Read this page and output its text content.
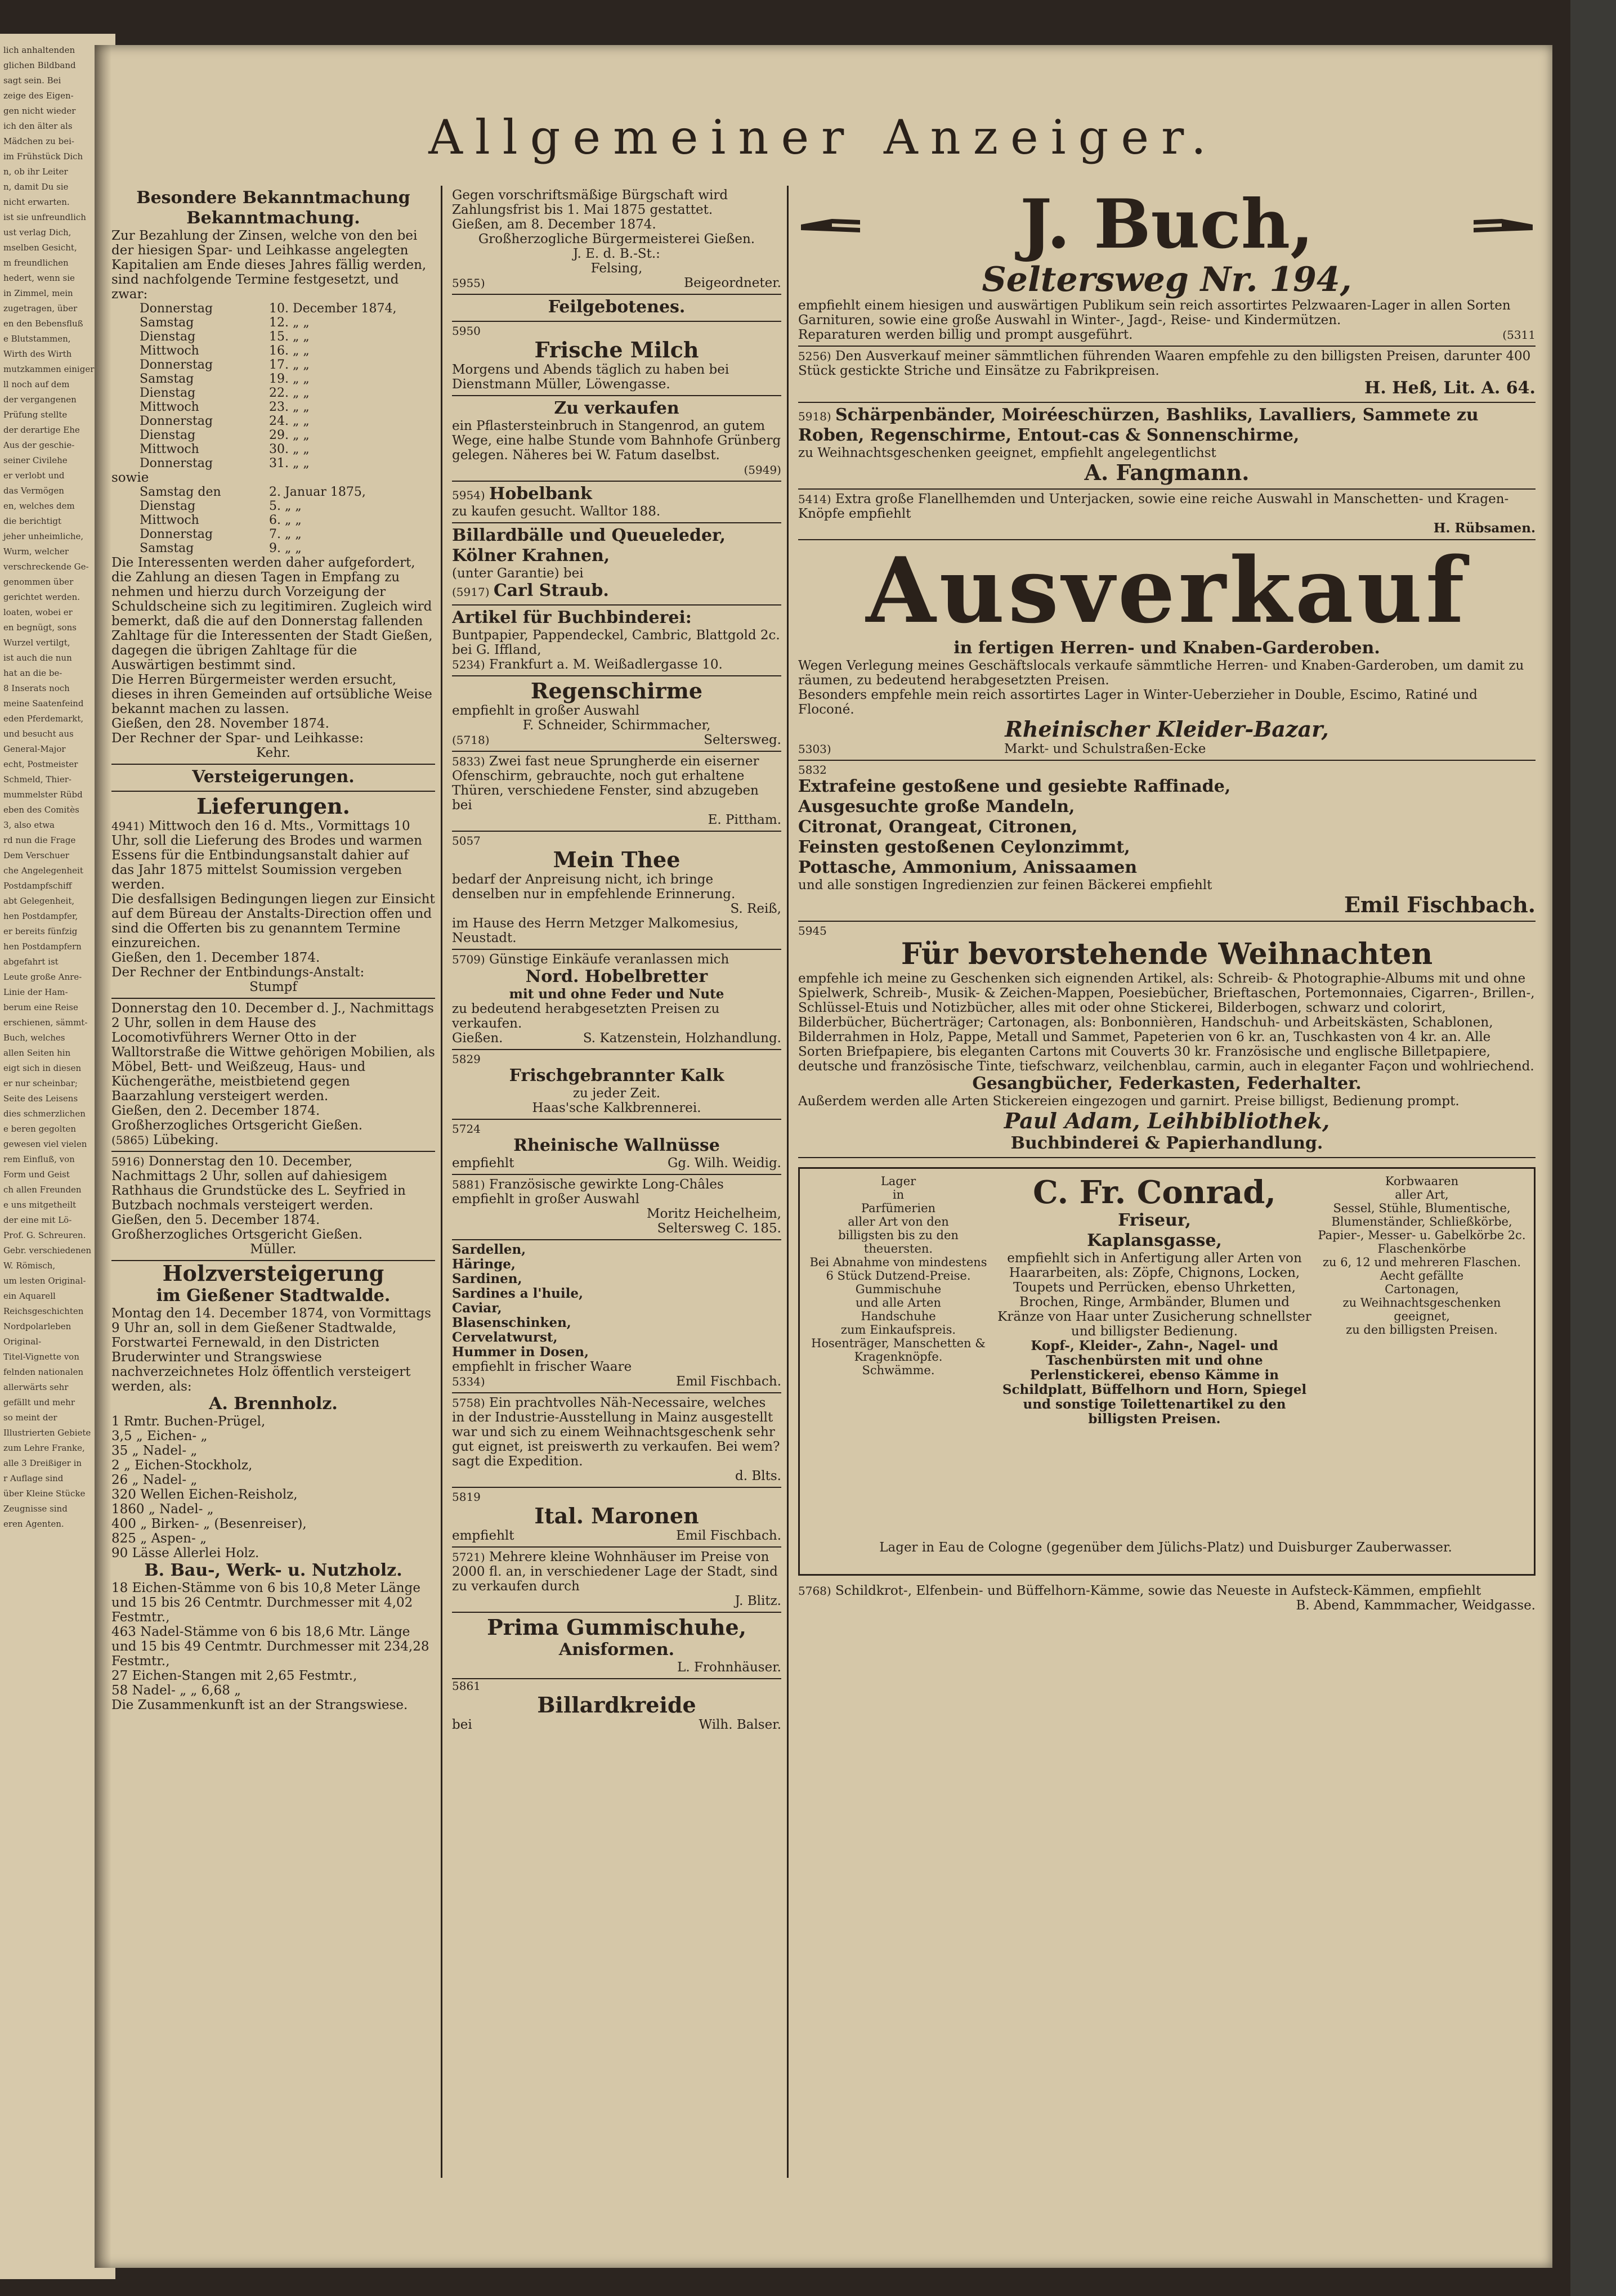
lich anhaltenden
glichen Bildband
sagt sein. Bei
zeige des Eigen-
gen nicht wieder
ich den älter als
Mädchen zu bei-
im Frühstück Dich
n, ob ihr Leiter
n, damit Du sie
nicht erwarten.
ist sie unfreundlich
ust verlag Dich,
mselben Gesicht,
m freundlichen
hedert, wenn sie
in Zimmel, mein
zugetragen, über
en den Bebensfluß
e Blutstammen,
Wirth des Wirth
mutzkammen einiger
ll noch auf dem
der vergangenen
Prüfung stellte
der derartige Ehe
Aus der geschie-
seiner Civilehe
er verlobt und
das Vermögen
en, welches dem
die berichtigt
jeher unheimliche,
Wurm, welcher
verschreckende Ge-
genommen über
gerichtet werden.
loaten, wobei er
en begnügt, sons
Wurzel vertilgt,
ist auch die nun
hat an die be-
8 Inserats noch
meine Saatenfeind
eden Pferdemarkt,
und besucht aus
General-Major
echt, Postmeister
Schmeld, Thier-
mummelster Rübd
eben des Comitès
3, also etwa
rd nun die Frage
Dem Verschuer
che Angelegenheit
Postdampfschiff
abt Gelegenheit,
hen Postdampfer,
er bereits fünfzig
hen Postdampfern
abgefahrt ist
Leute große Anre-
Linie der Ham-
berum eine Reise
erschienen, sämmt-
Buch, welches
allen Seiten hin
eigt sich in diesen
er nur scheinbar;
Seite des Leisens
dies schmerzlichen
e beren gegolten
gewesen viel vielen
rem Einfluß, von
Form und Geist
ch allen Freunden
e uns mitgetheilt
der eine mit Lö-
Prof. G. Schreuren.
Gebr. verschiedenen
W. Römisch,
um lesten Original-
ein Aquarell
Reichsgeschichten
Nordpolarleben
Original-
Titel-Vignette von
felnden nationalen
allerwärts sehr
gefällt und mehr
so meint der
Illustrierten Gebiete
zum Lehre Franke,
alle 3 Dreißiger in
r Auflage sind
über Kleine Stücke
Zeugnisse sind
eren Agenten.
Allgemeiner Anzeiger.

Besondere Bekanntmachung

Bekanntmachung.

Zur Bezahlung der Zinsen, welche von den bei der hiesigen Spar- und Leihkasse angelegten Kapitalien am Ende dieses Jahres fällig werden, sind nachfolgende Termine festgesetzt, und zwar:

Donnerstag	10. December 1874,
Samstag	12. „ „
Dienstag	15. „ „
Mittwoch	16. „ „
Donnerstag	17. „ „
Samstag	19. „ „
Dienstag	22. „ „
Mittwoch	23. „ „
Donnerstag	24. „ „
Dienstag	29. „ „
Mittwoch	30. „ „
Donnerstag	31. „ „

sowie

Samstag den	2. Januar 1875,
Dienstag	5. „ „
Mittwoch	6. „ „
Donnerstag	7. „ „
Samstag	9. „ „

Die Interessenten werden daher aufgefordert, die Zahlung an diesen Tagen in Empfang zu nehmen und hierzu durch Vorzeigung der Schuldscheine sich zu legitimiren. Zugleich wird bemerkt, daß die auf den Donnerstag fallenden Zahltage für die Interessenten der Stadt Gießen, dagegen die übrigen Zahltage für die Auswärtigen bestimmt sind.

Die Herren Bürgermeister werden ersucht, dieses in ihren Gemeinden auf ortsübliche Weise bekannt machen zu lassen.

Gießen, den 28. November 1874.

Der Rechner der Spar- und Leihkasse:

Kehr.

Versteigerungen.

Lieferungen.

4941) Mittwoch den 16 d. Mts., Vormittags 10 Uhr, soll die Lieferung des Brodes und warmen Essens für die Entbindungsanstalt dahier auf das Jahr 1875 mittelst Soumission vergeben werden.

Die desfallsigen Bedingungen liegen zur Einsicht auf dem Büreau der Anstalts-Direction offen und sind die Offerten bis zu genanntem Termine einzureichen.

Gießen, den 1. December 1874.

Der Rechner der Entbindungs-Anstalt:

Stumpf

Donnerstag den 10. December d. J., Nachmittags 2 Uhr, sollen in dem Hause des Locomotivführers Werner Otto in der Walltorstraße die Wittwe gehörigen Mobilien, als Möbel, Bett- und Weißzeug, Haus- und Küchengeräthe, meistbietend gegen Baarzahlung versteigert werden.

Gießen, den 2. December 1874.

Großherzogliches Ortsgericht Gießen.

(5865) Lübeking.

5916) Donnerstag den 10. December, Nachmittags 2 Uhr, sollen auf dahiesigem Rathhaus die Grundstücke des L. Seyfried in Butzbach nochmals versteigert werden.

Gießen, den 5. December 1874.

Großherzogliches Ortsgericht Gießen.

Müller.

Holzversteigerung

im Gießener Stadtwalde.

Montag den 14. December 1874, von Vormittags 9 Uhr an, soll in dem Gießener Stadtwalde, Forstwartei Fernewald, in den Districten Bruderwinter und Strangswiese nachverzeichnetes Holz öffentlich versteigert werden, als:

A. Brennholz.

1 Rmtr. Buchen-Prügel,

3,5 „ Eichen- „

35 „ Nadel- „

2 „ Eichen-Stockholz,

26 „ Nadel- „

320 Wellen Eichen-Reisholz,

1860 „ Nadel- „

400 „ Birken- „ (Besenreiser),

825 „ Aspen- „

90 Lässe Allerlei Holz.

B. Bau-, Werk- u. Nutzholz.

18 Eichen-Stämme von 6 bis 10,8 Meter Länge und 15 bis 26 Centmtr. Durchmesser mit 4,02 Festmtr.,

463 Nadel-Stämme von 6 bis 18,6 Mtr. Länge und 15 bis 49 Centmtr. Durchmesser mit 234,28 Festmtr.,

27 Eichen-Stangen mit 2,65 Festmtr.,

58 Nadel- „ „ 6,68 „

Die Zusammenkunft ist an der Strangswiese.

Gegen vorschriftsmäßige Bürgschaft wird Zahlungsfrist bis 1. Mai 1875 gestattet.

Gießen, am 8. December 1874.

Großherzogliche Bürgermeisterei Gießen.

J. E. d. B.-St.:

Felsing,

5955)	Beigeordneter.

Feilgebotenes.

5950

Frische Milch

Morgens und Abends täglich zu haben bei Dienstmann Müller, Löwengasse.

Zu verkaufen

ein Pflastersteinbruch in Stangenrod, an gutem Wege, eine halbe Stunde vom Bahnhofe Grünberg gelegen. Näheres bei W. Fatum daselbst.

(5949)

5954) Hobelbank

zu kaufen gesucht. Walltor 188.

Billardbälle und Queueleder,

Kölner Krahnen,

(unter Garantie) bei

(5917) Carl Straub.

Artikel für Buchbinderei:

Buntpapier, Pappendeckel, Cambric, Blattgold 2c. bei G. Iffland,

5234) Frankfurt a. M. Weißadlergasse 10.

Regenschirme

empfiehlt in großer Auswahl

F. Schneider, Schirmmacher,

(5718)	Seltersweg.

5833) Zwei fast neue Sprungherde ein eiserner Ofenschirm, gebrauchte, noch gut erhaltene Thüren, verschiedene Fenster, sind abzugeben bei

E. Pittham.

5057

Mein Thee

bedarf der Anpreisung nicht, ich bringe denselben nur in empfehlende Erinnerung.

S. Reiß,

im Hause des Herrn Metzger Malkomesius, Neustadt.

5709) Günstige Einkäufe veranlassen mich

Nord. Hobelbretter

mit und ohne Feder und Nute

zu bedeutend herabgesetzten Preisen zu verkaufen.

Gießen.	S. Katzenstein, Holzhandlung.

5829

Frischgebrannter Kalk

zu jeder Zeit.

Haas'sche Kalkbrennerei.

5724

Rheinische Wallnüsse

empfiehlt	Gg. Wilh. Weidig.

5881) Französische gewirkte Long-Châles empfiehlt in großer Auswahl

Moritz Heichelheim,

Seltersweg C. 185.

Sardellen,

Häringe,

Sardinen,

Sardines a l'huile,

Caviar,

Blasenschinken,

Cervelatwurst,

Hummer in Dosen,

empfiehlt in frischer Waare

5334)	Emil Fischbach.

5758) Ein prachtvolles Näh-Necessaire, welches in der Industrie-Ausstellung in Mainz ausgestellt war und sich zu einem Weihnachtsgeschenk sehr gut eignet, ist preiswerth zu verkaufen. Bei wem? sagt die Expedition.

d. Blts.

5819

Ital. Maronen

empfiehlt	Emil Fischbach.

5721) Mehrere kleine Wohnhäuser im Preise von 2000 fl. an, in verschiedener Lage der Stadt, sind zu verkaufen durch

J. Blitz.

Prima Gummischuhe,

Anisformen.

L. Frohnhäuser.

5861

Billardkreide

bei	Wilh. Balser.

J. Buch,

Seltersweg Nr. 194,

empfiehlt einem hiesigen und auswärtigen Publikum sein reich assortirtes Pelzwaaren-Lager in allen Sorten Garnituren, sowie eine große Auswahl in Winter-, Jagd-, Reise- und Kindermützen.

Reparaturen werden billig und prompt ausgeführt.	(5311

5256) Den Ausverkauf meiner sämmtlichen führenden Waaren empfehle zu den billigsten Preisen, darunter 400 Stück gestickte Striche und Einsätze zu Fabrikpreisen.

H. Heß, Lit. A. 64.

5918) Schärpenbänder, Moiréeschürzen, Bashliks, Lavalliers, Sammete zu Roben, Regenschirme, Entout-cas & Sonnenschirme,

zu Weihnachtsgeschenken geeignet, empfiehlt angelegentlichst

A. Fangmann.

5414) Extra große Flanellhemden und Unterjacken, sowie eine reiche Auswahl in Manschetten- und Kragen-Knöpfe empfiehlt

H. Rübsamen.

Ausverkauf

in fertigen Herren- und Knaben-Garderoben.

Wegen Verlegung meines Geschäftslocals verkaufe sämmtliche Herren- und Knaben-Garderoben, um damit zu räumen, zu bedeutend herabgesetzten Preisen.

Besonders empfehle mein reich assortirtes Lager in Winter-Ueberzieher in Double, Escimo, Ratiné und Floconé.

Rheinischer Kleider-Bazar,

5303)	Markt- und Schulstraßen-Ecke

5832

Extrafeine gestoßene und gesiebte Raffinade,

Ausgesuchte große Mandeln,

Citronat, Orangeat, Citronen,

Feinsten gestoßenen Ceylonzimmt,

Pottasche, Ammonium, Anissaamen

und alle sonstigen Ingredienzien zur feinen Bäckerei empfiehlt

Emil Fischbach.

5945

Für bevorstehende Weihnachten

empfehle ich meine zu Geschenken sich eignenden Artikel, als: Schreib- & Photographie-Albums mit und ohne Spielwerk, Schreib-, Musik- & Zeichen-Mappen, Poesiebücher, Brieftaschen, Portemonnaies, Cigarren-, Brillen-, Schlüssel-Etuis und Notizbücher, alles mit oder ohne Stickerei, Bilderbogen, schwarz und colorirt, Bilderbücher, Bücherträger; Cartonagen, als: Bonbonnièren, Handschuh- und Arbeitskästen, Schablonen, Bilderrahmen in Holz, Pappe, Metall und Sammet, Papeterien von 6 kr. an, Tuschkasten von 4 kr. an. Alle Sorten Briefpapiere, bis eleganten Cartons mit Couverts 30 kr. Französische und englische Billetpapiere, deutsche und französische Tinte, tiefschwarz, veilchenblau, carmin, auch in eleganter Façon und wohlriechend.

Gesangbücher, Federkasten, Federhalter.

Außerdem werden alle Arten Stickereien eingezogen und garnirt. Preise billigst, Bedienung prompt.

Paul Adam, Leihbibliothek,

Buchbinderei & Papierhandlung.

Lager

in

Parfümerien

aller Art von den

billigsten bis zu den

theuersten.

Bei Abnahme von mindestens 6 Stück Dutzend-Preise.

Gummischuhe

und alle Arten

Handschuhe

zum Einkaufspreis.

Hosenträger, Manschetten & Kragenknöpfe.

Schwämme.

C. Fr. Conrad,

Friseur,

Kaplansgasse,

empfiehlt sich in Anfertigung aller Arten von Haararbeiten, als: Zöpfe, Chignons, Locken, Toupets und Perrücken, ebenso Uhrketten, Brochen, Ringe, Armbänder, Blumen und Kränze von Haar unter Zusicherung schnellster und billigster Bedienung.

Kopf-, Kleider-, Zahn-, Nagel- und Taschenbürsten mit und ohne Perlenstickerei, ebenso Kämme in Schildplatt, Büffelhorn und Horn, Spiegel und sonstige Toilettenartikel zu den billigsten Preisen.

Korbwaaren

aller Art,

Sessel, Stühle, Blumentische, Blumenständer, Schließkörbe, Papier-, Messer- u. Gabelkörbe 2c.

Flaschenkörbe

zu 6, 12 und mehreren Flaschen.

Aecht gefällte

Cartonagen,

zu Weihnachtsgeschenken geeignet,

zu den billigsten Preisen.

Lager in Eau de Cologne (gegenüber dem Jülichs-Platz) und Duisburger Zauberwasser.

5768) Schildkrot-, Elfenbein- und Büffelhorn-Kämme, sowie das Neueste in Aufsteck-Kämmen, empfiehlt

B. Abend, Kammmacher, Weidgasse.
